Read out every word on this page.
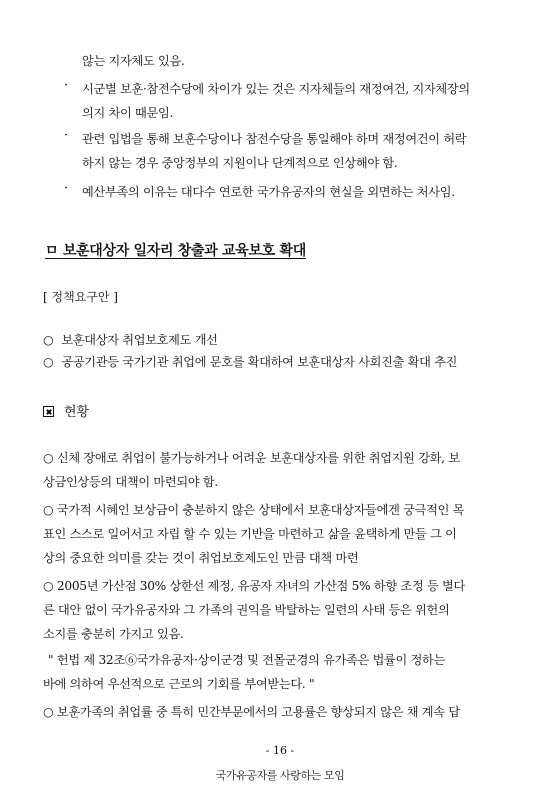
않는 지자체도 있음.
· 시군별 보훈·참전수당에 차이가 있는 것은 지자체들의 재정여건, 지자체장의
의지 차이 때문임.
· 관련 입법을 통해 보훈수당이나 참전수당을 통일해야 하며 재정여건이 허락
하지 않는 경우 중앙정부의 지원이나 단계적으로 인상해야 함.
· 예산부족의 이유는 대다수 연로한 국가유공자의 현실을 외면하는 처사임.
ㅁ 보훈대상자 일자리 창출과 교육보호 확대
[ 정책요구안 ]
○ 보훈대상자 취업보호제도 개선
○ 공공기관등 국가기관 취업에 문호를 확대하여 보훈대상자 사회진출 확대 추진
현황
○ 신체 장애로 취업이 불가능하거나 어려운 보훈대상자를 위한 취업지원 강화, 보
상금인상등의 대책이 마련되야 함.
○ 국가적 시혜인 보상금이 충분하지 않은 상태에서 보훈대상자들에겐 궁극적인 목
표인 스스로 일어서고 자립 할 수 있는 기반을 마련하고 삶을 윤택하게 만들 그 이
상의 중요한 의미를 갖는 것이 취업보호제도인 만큼 대책 마련
○ 2005년 가산점 30% 상한선 제정, 유공자 자녀의 가산점 5% 하향 조정 등 별다
른 대안 없이 국가유공자와 그 가족의 권익을 박탈하는 일련의 사태 등은 위헌의
소지를 충분히 가지고 있음.
" 헌법 제 32조⑥국가유공자·상이군경 및 전몰군경의 유가족은 법률이 정하는
바에 의하여 우선적으로 근로의 기회를 부여받는다. "
○ 보훈가족의 취업률 중 특히 민간부문에서의 고용률은 향상되지 않은 채 계속 답
- 16 -
국가유공자를 사랑하는 모임
